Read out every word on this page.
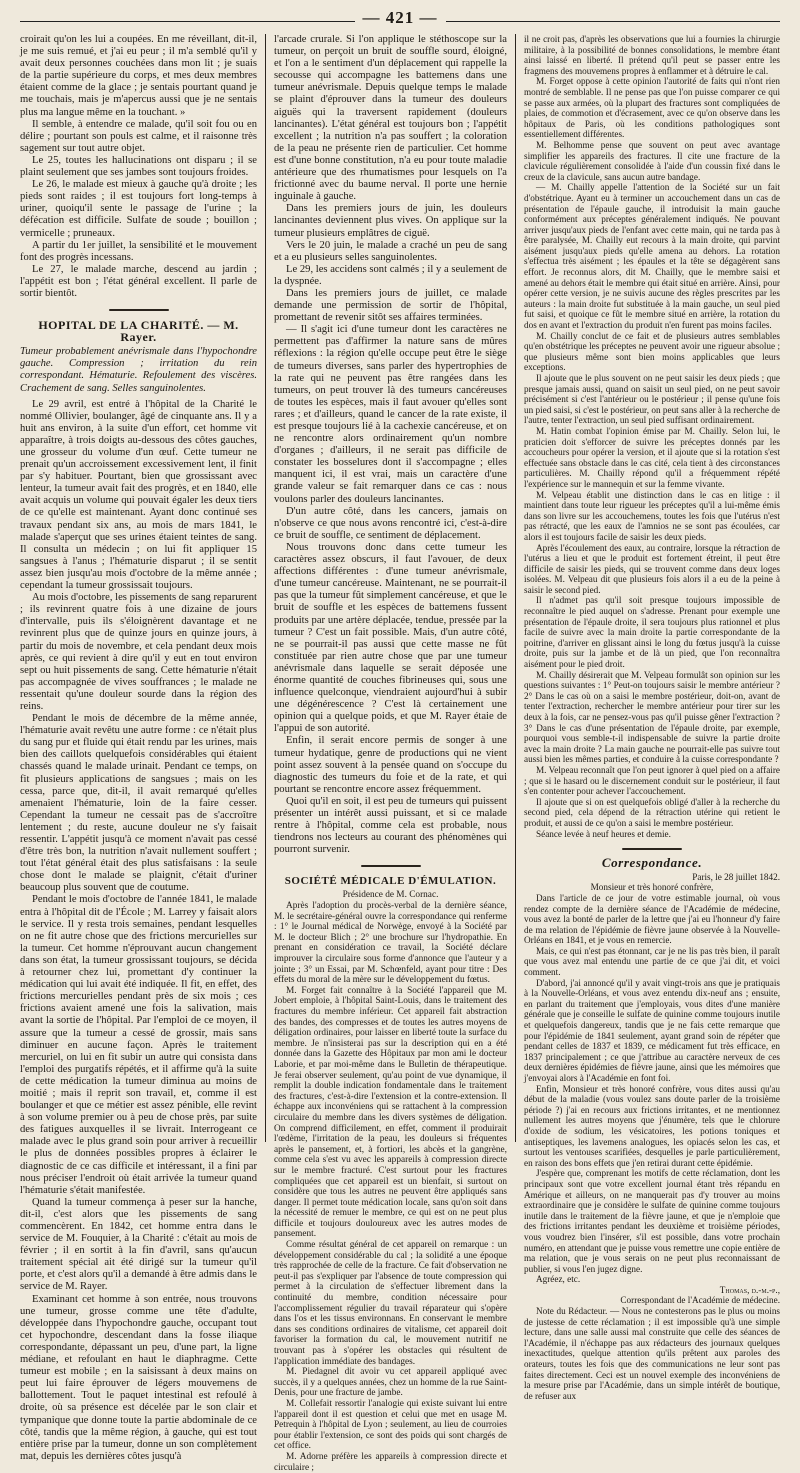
— 421 —

croirait qu'on les lui a coupées. En me réveillant, dit-il, je me suis remué, et j'ai eu peur ; il m'a semblé qu'il y avait deux personnes couchées dans mon lit ; je suais de la partie supérieure du corps, et mes deux membres étaient comme de la glace ; je sentais pourtant quand je me touchais, mais je m'apercus aussi que je ne sentais plus ma langue même en la touchant. »

Il semble, à entendre ce malade, qu'il soit fou ou en délire ; pourtant son pouls est calme, et il raisonne très sagement sur tout autre objet.

Le 25, toutes les hallucinations ont disparu ; il se plaint seulement que ses jambes sont toujours froides.

Le 26, le malade est mieux à gauche qu'à droite ; les pieds sont raides ; il est toujours fort long-temps à uriner, quoiqu'il sente le passage de l'urine ; la défécation est difficile. Sulfate de soude ; bouillon ; vermicelle ; pruneaux.

A partir du 1er juillet, la sensibilité et le mouvement font des progrès incessans.

Le 27, le malade marche, descend au jardin ; l'appétit est bon ; l'état général excellent. Il parle de sortir bientôt.

HOPITAL DE LA CHARITÉ. — M. Rayer.

Tumeur probablement anévrismale dans l'hypochondre gauche. Compression ; irritation du rein correspondant. Hématurie. Refoulement des viscères. Crachement de sang. Selles sanguinolentes.

Le 29 avril, est entré à l'hôpital de la Charité le nommé Ollivier, boulanger, âgé de cinquante ans. Il y a huit ans environ, à la suite d'un effort, cet homme vit apparaître, à trois doigts au-dessous des côtes gauches, une grosseur du volume d'un œuf. Cette tumeur ne prenait qu'un accroissement excessivement lent, il finit par s'y habituer. Pourtant, bien que grossissant avec lenteur, la tumeur avait fait des progrès, et en 1840, elle avait acquis un volume qui pouvait égaler les deux tiers de ce qu'elle est maintenant. Ayant donc continué ses travaux pendant six ans, au mois de mars 1841, le malade s'aperçut que ses urines étaient teintes de sang. Il consulta un médecin ; on lui fit appliquer 15 sangsues à l'anus ; l'hématurie disparut ; il se sentit assez bien jusqu'au mois d'octobre de la même année ; cependant la tumeur grossissait toujours.

Au mois d'octobre, les pissements de sang reparurent ; ils revinrent quatre fois à une dizaine de jours d'intervalle, puis ils s'éloignèrent davantage et ne revinrent plus que de quinze jours en quinze jours, à partir du mois de novembre, et cela pendant deux mois après, ce qui revient à dire qu'il y eut en tout environ sept ou huit pissements de sang. Cette hématurie n'était pas accompagnée de vives souffrances ; le malade ne ressentait qu'une douleur sourde dans la région des reins.

Pendant le mois de décembre de la même année, l'hématurie avait revêtu une autre forme : ce n'était plus du sang pur et fluide qui était rendu par les urines, mais bien des caillots quelquefois considérables qui étaient chassés quand le malade urinait. Pendant ce temps, on fit plusieurs applications de sangsues ; mais on les cessa, parce que, dit-il, il avait remarqué qu'elles amenaient l'hématurie, loin de la faire cesser. Cependant la tumeur ne cessait pas de s'accroître lentement ; du reste, aucune douleur ne s'y faisait ressentir. L'appétit jusqu'à ce moment n'avait pas cessé d'être très bon, la nutrition n'avait nullement souffert ; tout l'état général était des plus satisfaisans : la seule chose dont le malade se plaignit, c'était d'uriner beaucoup plus souvent que de coutume.

Pendant le mois d'octobre de l'année 1841, le malade entra à l'hôpital dit de l'École ; M. Larrey y faisait alors le service. Il y resta trois semaines, pendant lesquelles on ne fit autre chose que des frictions mercurielles sur la tumeur. Cet homme n'éprouvant aucun changement dans son état, la tumeur grossissant toujours, se décida à retourner chez lui, promettant d'y continuer la médication qui lui avait été indiquée. Il fit, en effet, des frictions mercurielles pendant près de six mois ; ces frictions avaient amené une fois la salivation, mais avant la sortie de l'hôpital. Par l'emploi de ce moyen, il assure que la tumeur a cessé de grossir, mais sans diminuer en aucune façon. Après le traitement mercuriel, on lui en fit subir un autre qui consista dans l'emploi des purgatifs répétés, et il affirme qu'à la suite de cette médication la tumeur diminua au moins de moitié ; mais il reprit son travail, et, comme il est boulanger et que ce métier est assez pénible, elle revint à son volume premier ou à peu de chose près, par suite des fatigues auxquelles il se livrait. Interrogeant ce malade avec le plus grand soin pour arriver à recueillir le plus de données possibles propres à éclairer le diagnostic de ce cas difficile et intéressant, il a fini par nous préciser l'endroit où était arrivée la tumeur quand l'hématurie s'était manifestée.

Quand la tumeur commença à peser sur la hanche, dit-il, c'est alors que les pissements de sang commencèrent. En 1842, cet homme entra dans le service de M. Fouquier, à la Charité : c'était au mois de février ; il en sortit à la fin d'avril, sans qu'aucun traitement spécial ait été dirigé sur la tumeur qu'il porte, et c'est alors qu'il a demandé à être admis dans le service de M. Rayer.

Examinant cet homme à son entrée, nous trouvons une tumeur, grosse comme une tête d'adulte, développée dans l'hypochondre gauche, occupant tout cet hypochondre, descendant dans la fosse iliaque correspondante, dépassant un peu, d'une part, la ligne médiane, et refoulant en haut le diaphragme. Cette tumeur est mobile ; en la saisissant à deux mains on peut lui faire éprouver de légers mouvemens de ballottement. Tout le paquet intestinal est refoulé à droite, où sa présence est décelée par le son clair et tympanique que donne toute la partie abdominale de ce côté, tandis que la même région, à gauche, qui est tout entière prise par la tumeur, donne un son complètement mat, depuis les dernières côtes jusqu'à

l'arcade crurale. Si l'on applique le stéthoscope sur la tumeur, on perçoit un bruit de souffle sourd, éloigné, et l'on a le sentiment d'un déplacement qui rappelle la secousse qui accompagne les battemens dans une tumeur anévrismale. Depuis quelque temps le malade se plaint d'éprouver dans la tumeur des douleurs aiguës qui la traversent rapidement (douleurs lancinantes). L'état général est toujours bon ; l'appétit excellent ; la nutrition n'a pas souffert ; la coloration de la peau ne présente rien de particulier. Cet homme est d'une bonne constitution, n'a eu pour toute maladie antérieure que des rhumatismes pour lesquels on l'a frictionné avec du baume nerval. Il porte une hernie inguinale à gauche.

Dans les premiers jours de juin, les douleurs lancinantes deviennent plus vives. On applique sur la tumeur plusieurs emplâtres de ciguë.

Vers le 20 juin, le malade a craché un peu de sang et a eu plusieurs selles sanguinolentes.

Le 29, les accidens sont calmés ; il y a seulement de la dyspnée.

Dans les premiers jours de juillet, ce malade demande une permission de sortir de l'hôpital, promettant de revenir sitôt ses affaires terminées.

— Il s'agit ici d'une tumeur dont les caractères ne permettent pas d'affirmer la nature sans de mûres réflexions : la région qu'elle occupe peut être le siège de tumeurs diverses, sans parler des hypertrophies de la rate qui ne peuvent pas être rangées dans les tumeurs, on peut trouver là des tumeurs cancéreuses de toutes les espèces, mais il faut avouer qu'elles sont rares ; et d'ailleurs, quand le cancer de la rate existe, il est presque toujours lié à la cachexie cancéreuse, et on ne rencontre alors ordinairement qu'un nombre d'organes ; d'ailleurs, il ne serait pas difficile de constater les bosselures dont il s'accompagne ; elles manquent ici, il est vrai, mais un caractère d'une grande valeur se fait remarquer dans ce cas : nous voulons parler des douleurs lancinantes.

D'un autre côté, dans les cancers, jamais on n'observe ce que nous avons rencontré ici, c'est-à-dire ce bruit de souffle, ce sentiment de déplacement.

Nous trouvons donc dans cette tumeur les caractères assez obscurs, il faut l'avouer, de deux affections différentes : d'une tumeur anévrismale, d'une tumeur cancéreuse. Maintenant, ne se pourrait-il pas que la tumeur fût simplement cancéreuse, et que le bruit de souffle et les espèces de battemens fussent produits par une artère déplacée, tendue, pressée par la tumeur ? C'est un fait possible. Mais, d'un autre côté, ne se pourrait-il pas aussi que cette masse ne fût constituée par rien autre chose que par une tumeur anévrismale dans laquelle se serait déposée une énorme quantité de couches fibrineuses qui, sous une influence quelconque, viendraient aujourd'hui à subir une dégénérescence ? C'est là certainement une opinion qui a quelque poids, et que M. Rayer étaie de l'appui de son autorité.

Enfin, il serait encore permis de songer à une tumeur hydatique, genre de productions qui ne vient point assez souvent à la pensée quand on s'occupe du diagnostic des tumeurs du foie et de la rate, et qui pourtant se rencontre encore assez fréquemment.

Quoi qu'il en soit, il est peu de tumeurs qui puissent présenter un intérêt aussi puissant, et si ce malade rentre à l'hôpital, comme cela est probable, nous tiendrons nos lecteurs au courant des phénomènes qui pourront survenir.

SOCIÉTÉ MÉDICALE D'ÉMULATION.

Présidence de M. Cornac.

Après l'adoption du procès-verbal de la dernière séance, M. le secrétaire-général ouvre la correspondance qui renferme : 1° le Journal médical de Norwège, envoyé à la Société par M. le docteur Blich ; 2° une brochure sur l'hydropathie. En prenant en considération ce travail, la Société déclare improuver la circulaire sous forme d'annonce que l'auteur y a jointe ; 3° un Essai, par M. Schœnfeld, ayant pour titre : Des effets du moral de la mère sur le développement du fœtus.

M. Forget fait connaître à la Société l'appareil que M. Jobert emploie, à l'hôpital Saint-Louis, dans le traitement des fractures du membre inférieur. Cet appareil fait abstraction des bandes, des compresses et de toutes les autres moyens de déligation ordinaires, pour laisser en liberté toute la surface du membre. Je n'insisterai pas sur la description qui en a été donnée dans la Gazette des Hôpitaux par mon ami le docteur Laborie, et par moi-même dans le Bulletin de thérapeutique. Je ferai observer seulement, qu'au point de vue dynamique, il remplit la double indication fondamentale dans le traitement des fractures, c'est-à-dire l'extension et la contre-extension. Il échappe aux inconvéniens qui se rattachent à la compression circulaire du membre dans les divers systèmes de déligation. On comprend difficilement, en effet, comment il produirait l'œdème, l'irritation de la peau, les douleurs si fréquentes après le pansement, et, à fortiori, les abcès et la gangrène, comme cela s'est vu avec les appareils à compression directe sur le membre fracturé. C'est surtout pour les fractures compliquées que cet appareil est un bienfait, si surtout on considère que tous les autres ne peuvent être appliqués sans danger. Il permet toute médication locale, sans qu'on soit dans la nécessité de remuer le membre, ce qui est on ne peut plus difficile et toujours douloureux avec les autres modes de pansement.

Comme résultat général de cet appareil on remarque : un développement considérable du cal ; la solidité a une époque très rapprochée de celle de la fracture. Ce fait d'observation ne peut-il pas s'expliquer par l'absence de toute compression qui permet à la circulation de s'effectuer librement dans la continuité du membre, condition nécessaire pour l'accomplissement régulier du travail réparateur qui s'opère dans l'os et les tissus environnans. En conservant le membre dans ses conditions ordinaires de vitalisme, cet appareil doit favoriser la formation du cal, le mouvement nutritif ne trouvant pas à s'opérer les obstacles qui résultent de l'application immédiate des bandages.

M. Piedagnel dit avoir vu cet appareil appliqué avec succès, il y a quelques années, chez un homme de la rue Saint-Denis, pour une fracture de jambe.

M. Collefait ressortir l'analogie qui existe suivant lui entre l'appareil dont il est question et celui que met en usage M. Petrequin à l'hôpital de Lyon ; seulement, au lieu de courroies pour établir l'extension, ce sont des poids qui sont chargés de cet office.

M. Adorne préfère les appareils à compression directe et circulaire ;

il ne croit pas, d'après les observations que lui a fournies la chirurgie militaire, à la possibilité de bonnes consolidations, le membre étant ainsi laissé en liberté. Il prétend qu'il peut se passer entre les fragmens des mouvemens propres à enflammer et à détruire le cal.

M. Forget oppose à cette opinion l'autorité de faits qui n'ont rien montré de semblable. Il ne pense pas que l'on puisse comparer ce qui se passe aux armées, où la plupart des fractures sont compliquées de plaies, de commotion et d'écrasement, avec ce qu'on observe dans les hôpitaux de Paris, où les conditions pathologiques sont essentiellement différentes.

M. Belhomme pense que souvent on peut avec avantage simplifier les appareils des fractures. Il cite une fracture de la clavicule régulièrement consolidée à l'aide d'un coussin fixé dans le creux de la clavicule, sans aucun autre bandage.

— M. Chailly appelle l'attention de la Société sur un fait d'obstétrique. Ayant eu à terminer un accouchement dans un cas de présentation de l'épaule gauche, il introduisit la main gauche conformément aux préceptes généralement indiqués. Ne pouvant arriver jusqu'aux pieds de l'enfant avec cette main, qui ne tarda pas à être paralysée, M. Chailly eut recours à la main droite, qui parvint aisément jusqu'aux pieds qu'elle amena au dehors. La rotation s'effectua très aisément ; les épaules et la tête se dégagèrent sans effort. Je reconnus alors, dit M. Chailly, que le membre saisi et amené au dehors était le membre qui était situé en arrière. Ainsi, pour opérer cette version, je ne suivis aucune des règles prescrites par les auteurs : la main droite fut substituée à la main gauche, un seul pied fut saisi, et quoique ce fût le membre situé en arrière, la rotation du dos en avant et l'extraction du produit n'en furent pas moins faciles.

M. Chailly conclut de ce fait et de plusieurs autres semblables qu'en obstétrique les préceptes ne peuvent avoir une rigueur absolue ; que plusieurs même sont bien moins applicables que leurs exceptions.

Il ajoute que le plus souvent on ne peut saisir les deux pieds ; que presque jamais aussi, quand on saisit un seul pied, on ne peut savoir précisément si c'est l'antérieur ou le postérieur ; il pense qu'une fois un pied saisi, si c'est le postérieur, on peut sans aller à la recherche de l'autre, tenter l'extraction, un seul pied suffisant ordinairement.

M. Hatin combat l'opinion émise par M. Chailly. Selon lui, le praticien doit s'efforcer de suivre les préceptes donnés par les accoucheurs pour opérer la version, et il ajoute que si la rotation s'est effectuée sans obstacle dans le cas cité, cela tient à des circonstances particulières. M. Chailly répond qu'il a fréquemment répété l'expérience sur le mannequin et sur la femme vivante.

M. Velpeau établit une distinction dans le cas en litige : il maintient dans toute leur rigueur les préceptes qu'il a lui-même émis dans son livre sur les accouchemens, toutes les fois que l'utérus n'est pas rétracté, que les eaux de l'amnios ne se sont pas écoulées, car alors il est toujours facile de saisir les deux pieds.

Après l'écoulement des eaux, au contraire, lorsque la rétraction de l'utérus a lieu et que le produit est fortement étreint, il peut être difficile de saisir les pieds, qui se trouvent comme dans deux loges isolées. M. Velpeau dit que plusieurs fois alors il a eu de la peine à saisir le second pied.

Il n'admet pas qu'il soit presque toujours impossible de reconnaître le pied auquel on s'adresse. Prenant pour exemple une présentation de l'épaule droite, il sera toujours plus rationnel et plus facile de suivre avec la main droite la partie correspondante de la poitrine, d'arriver en glissant ainsi le long du fœtus jusqu'à la cuisse droite, puis sur la jambe et de là un pied, que l'on reconnaîtra aisément pour le pied droit.

M. Chailly désirerait que M. Velpeau formulât son opinion sur les questions suivantes : 1° Peut-on toujours saisir le membre antérieur ? 2° Dans le cas où on a saisi le membre postérieur, doit-on, avant de tenter l'extraction, rechercher le membre antérieur pour tirer sur les deux à la fois, car ne pensez-vous pas qu'il puisse gêner l'extraction ? 3° Dans le cas d'une présentation de l'épaule droite, par exemple, pourquoi vous semble-t-il indispensable de suivre la partie droite avec la main droite ? La main gauche ne pourrait-elle pas suivre tout aussi bien les mêmes parties, et conduire à la cuisse correspondante ?

M. Velpeau reconnaît que l'on peut ignorer à quel pied on a affaire ; que si le hasard ou le discernement conduit sur le postérieur, il faut s'en contenter pour achever l'accouchement.

Il ajoute que si on est quelquefois obligé d'aller à la recherche du second pied, cela dépend de la rétraction utérine qui retient le produit, et aussi de ce qu'on a saisi le membre postérieur.

Séance levée à neuf heures et demie.

Correspondance.

Paris, le 28 juillet 1842.

Monsieur et très honoré confrère,

Dans l'article de ce jour de votre estimable journal, où vous rendez compte de la dernière séance de l'Académie de médecine, vous avez la bonté de parler de la lettre que j'ai eu l'honneur d'y faire de ma relation de l'épidémie de fièvre jaune observée à la Nouvelle-Orléans en 1841, et je vous en remercie.

Mais, ce qui n'est pas étonnant, car je ne lis pas très bien, il paraît que vous avez mal entendu une partie de ce que j'ai dit, et voici comment.

D'abord, j'ai annoncé qu'il y avait vingt-trois ans que je pratiquais à la Nouvelle-Orléans, et vous avez entendu dix-neuf ans ; ensuite, en parlant du traitement que j'employais, vous dites d'une manière générale que je conseille le sulfate de quinine comme toujours inutile et quelquefois dangereux, tandis que je ne fais cette remarque que pour l'épidémie de 1841 seulement, ayant grand soin de répéter que pendant celles de 1837 et 1839, ce médicament fut très efficace, en 1837 principalement ; ce que j'attribue au caractère nerveux de ces deux dernières épidémies de fièvre jaune, ainsi que les mémoires que j'envoyai alors à l'Académie en font foi.

Enfin, Monsieur et très honoré confrère, vous dites aussi qu'au début de la maladie (vous voulez sans doute parler de la troisième période ?) j'ai en recours aux frictions irritantes, et ne mentionnez nullement les autres moyens que j'énumère, tels que le chlorure d'oxide de sodium, les vésicatoires, les potions toniques et antiseptiques, les lavemens analogues, les opiacés selon les cas, et surtout les ventouses scarifiées, desquelles je parle particulièrement, en raison des bons effets que j'en retirai durant cette épidémie.

J'espère que, comprenant les motifs de cette réclamation, dont les principaux sont que votre excellent journal étant très répandu en Amérique et ailleurs, on ne manquerait pas d'y trouver au moins extraordinaire que je considère le sulfate de quinine comme toujours inutile dans le traitement de la fièvre jaune, et que je n'emploie que des frictions irritantes pendant les deuxième et troisième périodes, vous voudrez bien l'insérer, s'il est possible, dans votre prochain numéro, en attendant que je puisse vous remettre une copie entière de ma relation, que je vous serais on ne peut plus reconnaissant de publier, si vous l'en jugez digne.

Agréez, etc.

Thomas, d.-m.-p.,

Correspondant de l'Académie de médecine.

Note du Rédacteur. — Nous ne contesterons pas le plus ou moins de justesse de cette réclamation ; il est impossible qu'à une simple lecture, dans une salle aussi mal construite que celle des séances de l'Académie, il n'échappe pas aux rédacteurs des journaux quelques inexactitudes, quelque attention qu'ils prêtent aux paroles des orateurs, toutes les fois que des communications ne leur sont pas faites directement. Ceci est un nouvel exemple des inconvéniens de la mesure prise par l'Académie, dans un simple intérêt de boutique, de refuser aux
